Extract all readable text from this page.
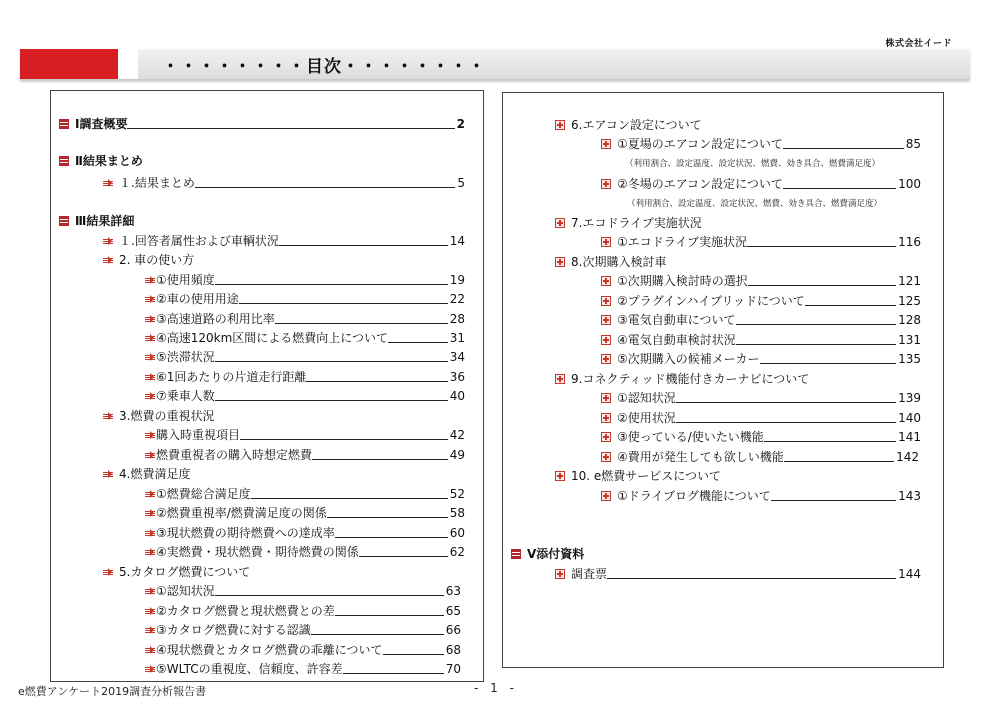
株式会社イード
・・・・・・・・目次・・・・・・・・
Ⅰ調査概要	2
Ⅱ結果まとめ
１.結果まとめ	5
Ⅲ結果詳細
１.回答者属性および車輌状況	14
2. 車の使い方
①使用頻度	19
②車の使用用途	22
③高速道路の利用比率	28
④高速120km区間による燃費向上について	31
⑤渋滞状況	34
⑥1回あたりの片道走行距離	36
⑦乗車人数	40
3.燃費の重視状況
購入時重視項目	42
燃費重視者の購入時想定燃費	49
4.燃費満足度
①燃費総合満足度	52
②燃費重視率/燃費満足度の関係	58
③現状燃費の期待燃費への達成率	60
④実燃費・現状燃費・期待燃費の関係	62
5.カタログ燃費について
①認知状況	63
②カタログ燃費と現状燃費との差	65
③カタログ燃費に対する認識	66
④現状燃費とカタログ燃費の乖離について	68
⑤WLTCの重視度、信頼度、許容差	70
6.エアコン設定について
①夏場のエアコン設定について	85
（利用割合、設定温度、設定状況、燃費、効き具合、燃費満足度）
②冬場のエアコン設定について	100
（利用割合、設定温度、設定状況、燃費、効き具合、燃費満足度）
7.エコドライブ実施状況
①エコドライブ実施状況	116
8.次期購入検討車
①次期購入検討時の選択	121
②プラグインハイブリッドについて	125
③電気自動車について	128
④電気自動車検討状況	131
⑤次期購入の候補メーカー	135
9.コネクティッド機能付きカーナビについて
①認知状況	139
②使用状況	140
③使っている/使いたい機能	141
④費用が発生しても欲しい機能	142
10. e燃費サービスについて
①ドライブログ機能について	143
Ⅴ添付資料
調査票	144
e燃費アンケート2019調査分析報告書	- 1 -
